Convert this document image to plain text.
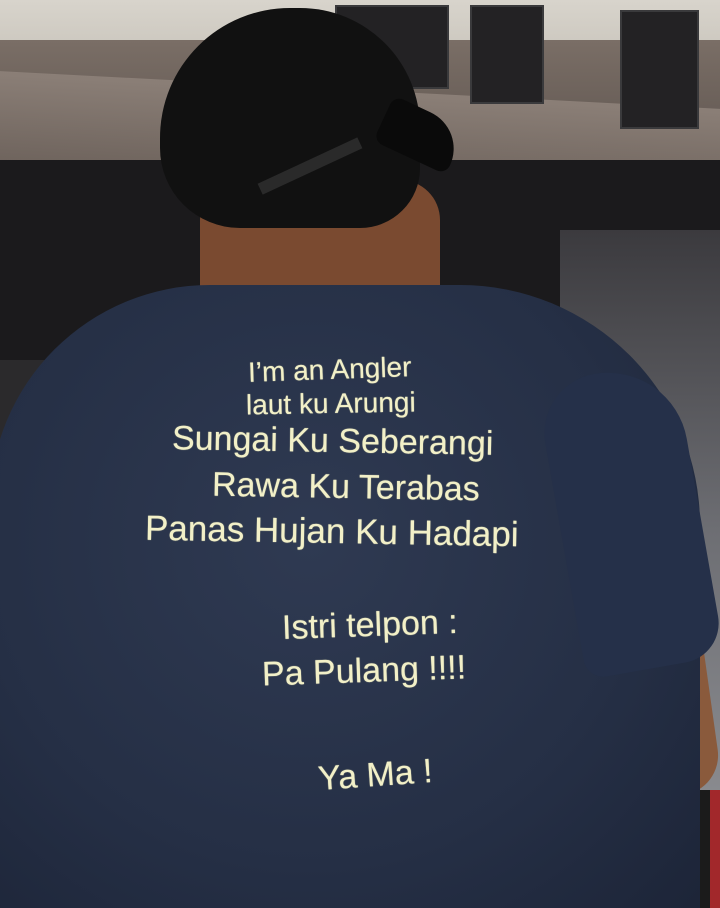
I’m an Angler
laut ku Arungi
Sungai Ku Seberangi
Rawa Ku Terabas
Panas Hujan Ku Hadapi
Istri telpon :
Pa Pulang !!!!
Ya Ma !
